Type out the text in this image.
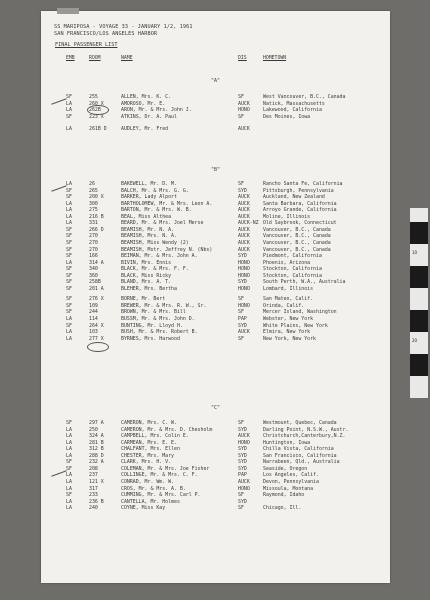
SS MARIPOSA - VOYAGE 33 - JANUARY 1/2, 1961
SAN FRANCISCO/LOS ANGELES HARBOR
FINAL PASSENGER LIST
EMB	ROOM	NAME	DIS	HOMETOWN
"A"
SF	255	ALLEN, Mrs. K. C.	SF	West Vancouver, B.C., Canada
LA	260 X	AMOROSO, Mr. E.	AUCK	Natick, Massachusetts
LA	262B	ARON, Mr. & Mrs. John J.	HONO	Lakewood, California
SF	223 X	ATKINS, Dr. A. Paul	SF	Des Moines, Iowa
LA	261B D	AUDLEY, Mr. Fred	AUCK
"B"
LA	26	BAKEWELL, Mr. D. M.	SF	Rancho Santa Fe, California
SF	265	BALCH, Mr. & Mrs. G. G.	SYD	Pittsburgh, Pennsylvania
SF	200 X	BARKER, Lady Alport	AUCK	Auckland, New Zealand
LA	300	BARTHOLOMEW, Mr. & Mrs. Leon A.	AUCK	Santa Barbara, California
LA	275	BARTON, Mr. & Mrs. W. B.	AUCK	Arroyo Grande, California
LA	216 B	BEAL, Miss Althea	AUCK	Moline, Illinois
LA	331	BEARD, Mr. & Mrs. Joel Merse	AUCK-NZ Old Saybrook, Connecticut
SF	266 D	BEAMISH, Mr. N. A.	AUCK	Vancouver, B.C., Canada
SF	270	BEAMISH, Mrs. N. A.	AUCK	Vancouver, B.C., Canada
SF	270	BEAMISH, Miss Wendy (2)	AUCK	Vancouver, B.C., Canada
SF	270	BEAMISH, Mstr. Jeffrey N. (Nbs)	AUCK	Vancouver, B.C., Canada
SF	166	BEIMAN, Mr. & Mrs. John A.	SYD	Piedmont, California
LA	314 A	BIVIN, Mrs. Ennis	HONO	Phoenix, Arizona
SF	340	BLACK, Mr. & Mrs. F. F.	HONO	Stockton, California
SF	360	BLACK, Miss Ricky	HONO	Stockton, California
SF	258B	BLAND, Mrs. A. T.	SYD	South Perth, W.A., Australia
SF	201 A	BLEHER, Mrs. Bertha	HONO	Lombard, Illinois
SF	276 X	BORNE, Mr. Bert	SF	San Mateo, Calif.
SF	109	BREWER, Mr. & Mrs. R. W., Sr.	HONO	Orinda, Calif.
SF	244	BROWN, Mr. & Mrs. Bill	SF	Mercer Island, Washington
LA	114	BUSSM, Mr. & Mrs. John D.	PAP	Webster, New York
SF	264 X	BUNTING, Mr. Lloyd H.	SYD	White Plains, New York
LA	103	BUSH, Mr. & Mrs. Robert B.	AUCK	Elmira, New York
LA	277 X	BYRNES, Mrs. Harwood	SF	New York, New York
"C"
SF	297 A	CAMERON, Mrs. C. W.	SF	Westmount, Quebec, Canada
LA	250	CAMERON, Mr. & Mrs. D. Chesholm	SYD	Darling Point, N.S.W., Austr.
LA	324 A	CAMPBELL, Mrs. Colin E.	AUCK	Christchurch,Canterbury,N.Z.
LA	281 B	CARMEAN, Mrs. E. E.	HONO	Huntington, Iowa
LA	312 B	CHALFANT, Mrs. Ellen	SYD	Chilla Vista, California
LA	288 D	CHESTER, Mrs. Mary	SYD	San Francisco, California
SF	232 A	CLARK, Mrs. H. V.	SYD	Narrabeen, Qld., Australia
SF	208	COLEMAN, Mr. & Mrs. Joe Fisher	SYD	Seaside, Oregon
LA	237	COLLINGE, Mr. & Mrs. C. F.	PAP	Los Angeles, Calif.
LA	121 X	CONRAD, Mr. Wm. W.	AUCK	Devon, Pennsylvania
LA	317	CROS, Mr. & Mrs. A. B.	HONO	Missoula, Montana
SF	233	CUMMING, Mr. & Mrs. Carl P.	SF	Raymond, Idaho
LA	236 B	CANTELLA, Mr. Holmes	SYD
LA	240	COYNE, Miss Kay	SF	Chicago, Ill.
10
20
